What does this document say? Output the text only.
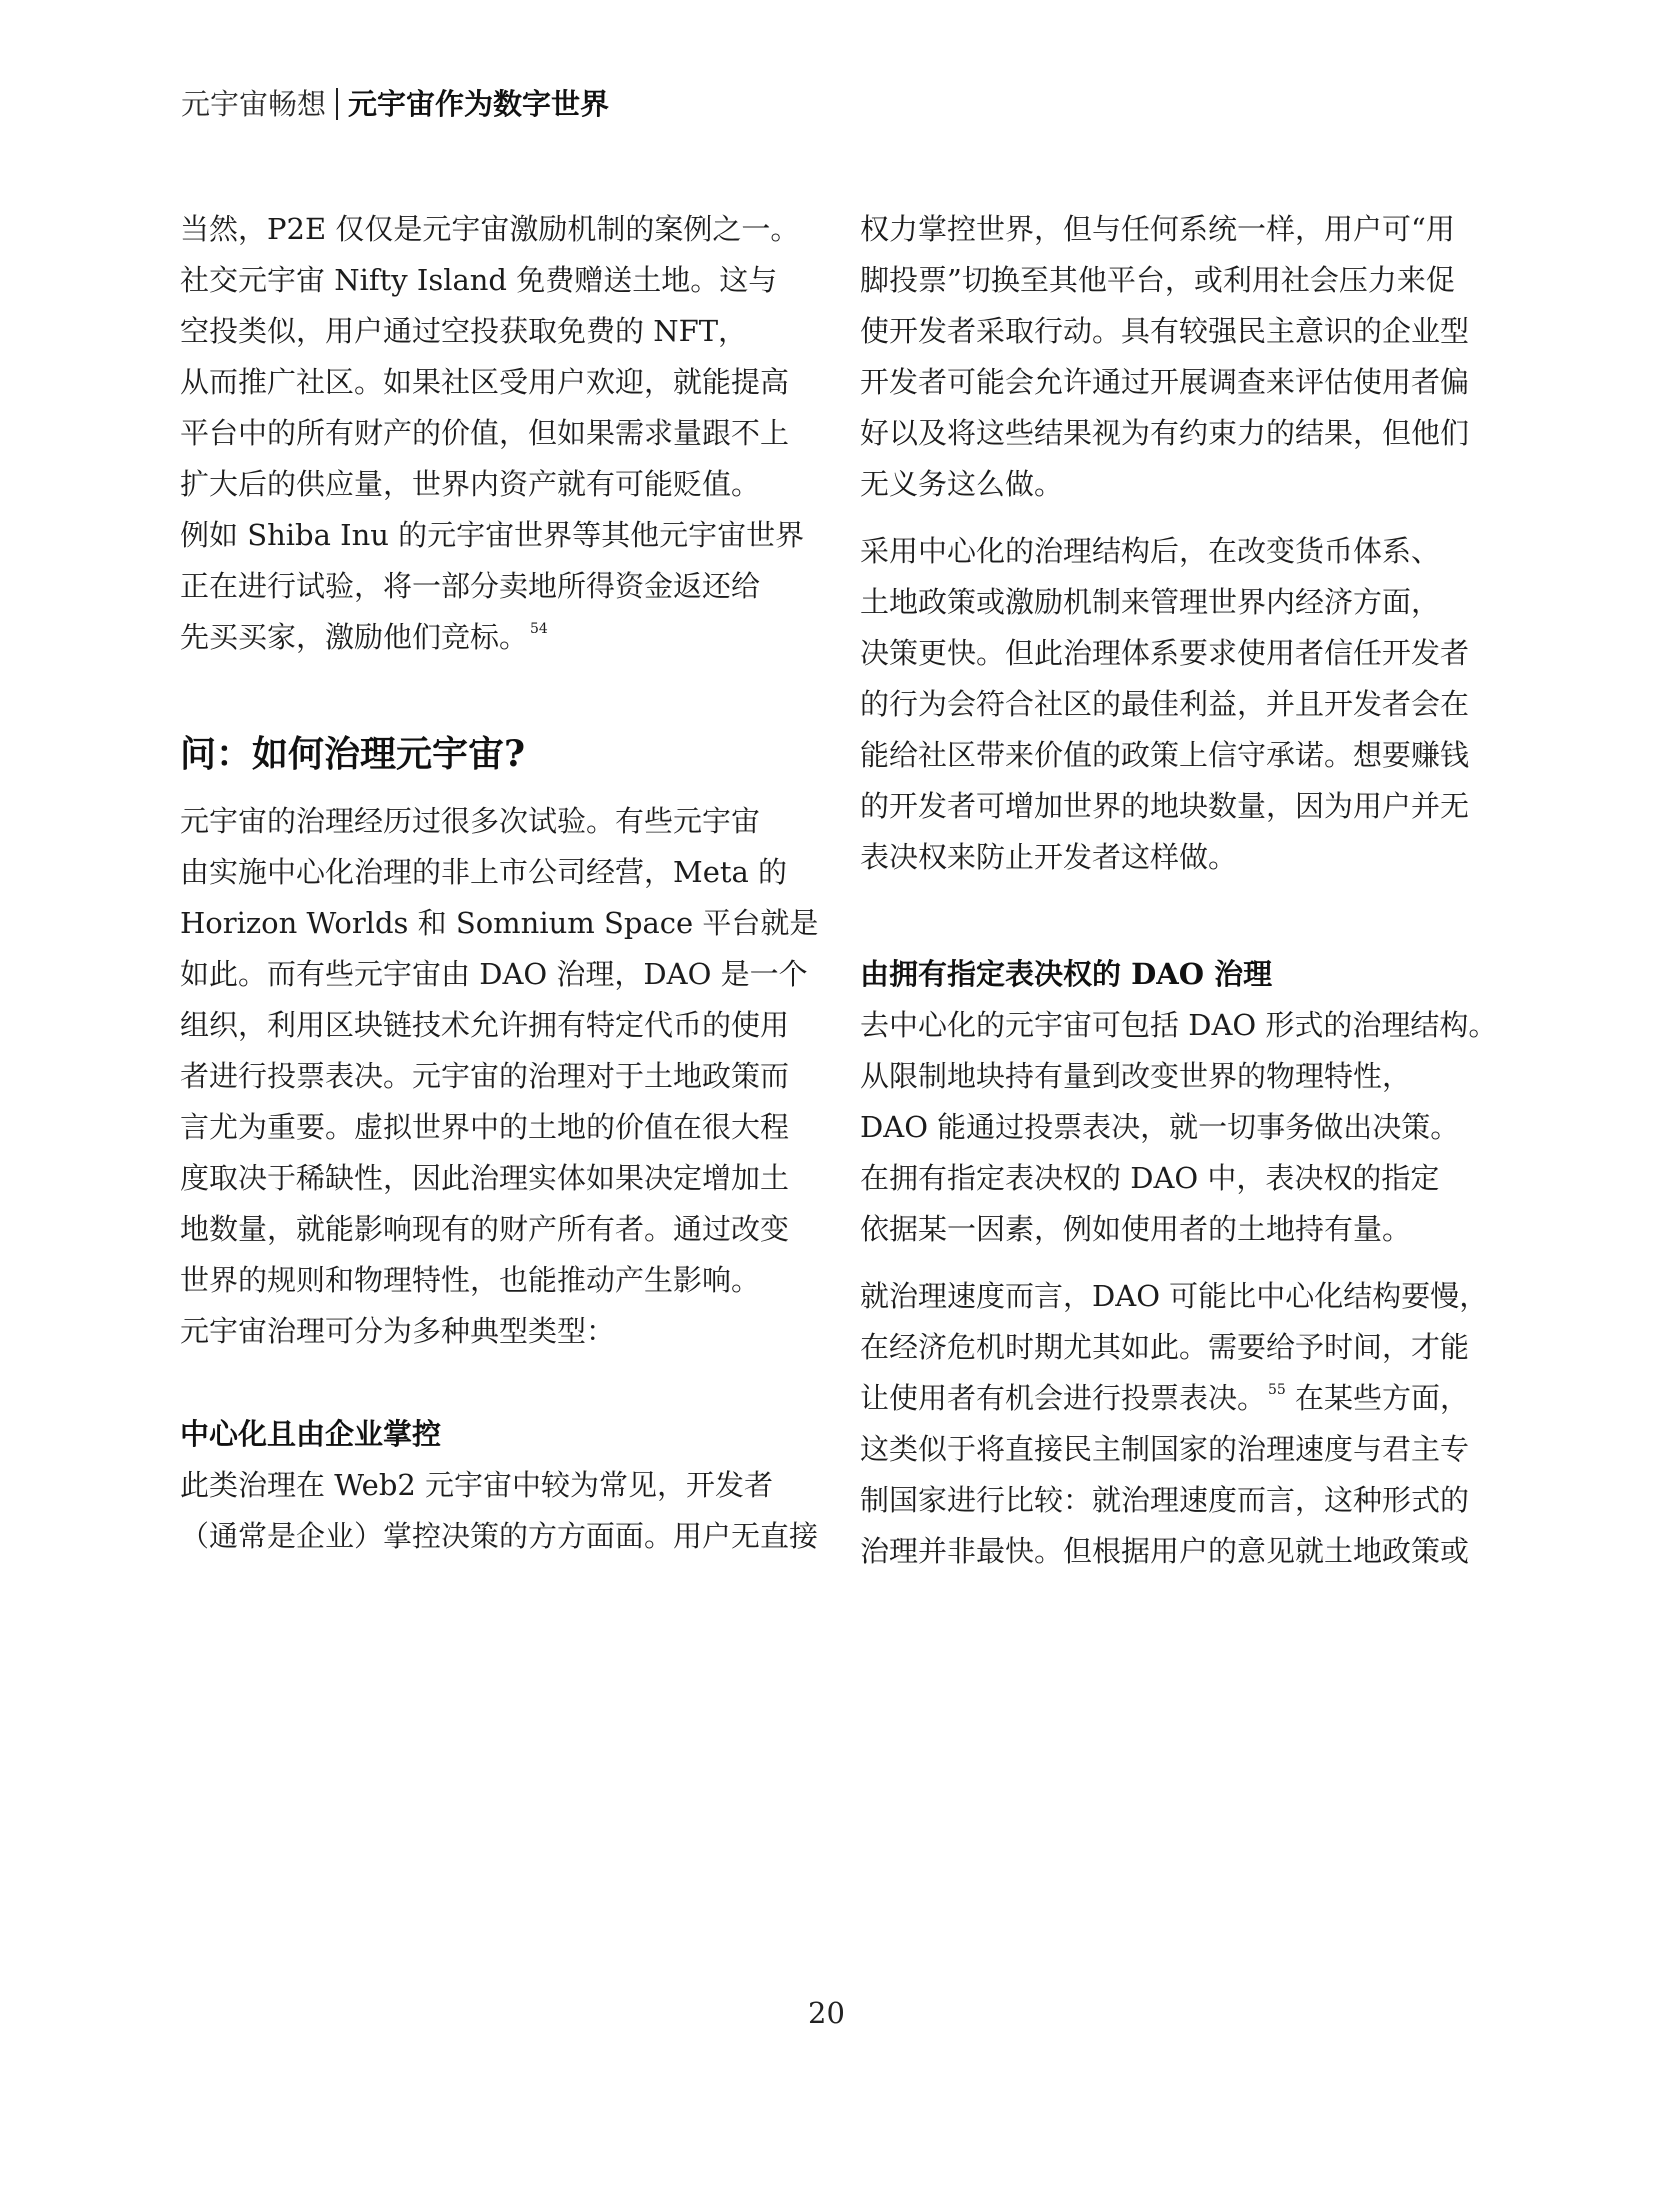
元宇宙畅想 元宇宙作为数字世界
当然，P2E 仅仅是元宇宙激励机制的案例之一。
社交元宇宙 Nifty Island 免费赠送土地。这与
空投类似，用户通过空投获取免费的 NFT，
从而推广社区。如果社区受用户欢迎，就能提高
平台中的所有财产的价值，但如果需求量跟不上
扩大后的供应量，世界内资产就有可能贬值。
例如 Shiba Inu 的元宇宙世界等其他元宇宙世界
正在进行试验，将一部分卖地所得资金返还给
先买买家，激励他们竞标。 $^{54}$
问：如何治理元宇宙?
元宇宙的治理经历过很多次试验。有些元宇宙
由实施中心化治理的非上市公司经营，Meta 的
Horizon Worlds 和 Somnium Space 平台就是
如此。而有些元宇宙由 DAO 治理，DAO 是一个
组织，利用区块链技术允许拥有特定代币的使用
者进行投票表决。元宇宙的治理对于土地政策而
言尤为重要。虚拟世界中的土地的价值在很大程
度取决于稀缺性，因此治理实体如果决定增加土
地数量，就能影响现有的财产所有者。通过改变
世界的规则和物理特性，也能推动产生影响。
元宇宙治理可分为多种典型类型：
中心化且由企业掌控
此类治理在 Web2 元宇宙中较为常见，开发者
（通常是企业）掌控决策的方方面面。用户无直接
权力掌控世界，但与任何系统一样，用户可“用
脚投票”切换至其他平台，或利用社会压力来促
使开发者采取行动。具有较强民主意识的企业型
开发者可能会允许通过开展调查来评估使用者偏
好以及将这些结果视为有约束力的结果，但他们
无义务这么做。
采用中心化的治理结构后，在改变货币体系、
土地政策或激励机制来管理世界内经济方面，
决策更快。但此治理体系要求使用者信任开发者
的行为会符合社区的最佳利益，并且开发者会在
能给社区带来价值的政策上信守承诺。想要赚钱
的开发者可增加世界的地块数量，因为用户并无
表决权来防止开发者这样做。
由拥有指定表决权的 DAO 治理
去中心化的元宇宙可包括 DAO 形式的治理结构。
从限制地块持有量到改变世界的物理特性，
DAO 能通过投票表决，就一切事务做出决策。
在拥有指定表决权的 DAO 中，表决权的指定
依据某一因素，例如使用者的土地持有量。
就治理速度而言，DAO 可能比中心化结构要慢，
在经济危机时期尤其如此。需要给予时间，才能
让使用者有机会进行投票表决。 $^{55}$ 在某些方面，
这类似于将直接民主制国家的治理速度与君主专
制国家进行比较：就治理速度而言，这种形式的
治理并非最快。但根据用户的意见就土地政策或
20
